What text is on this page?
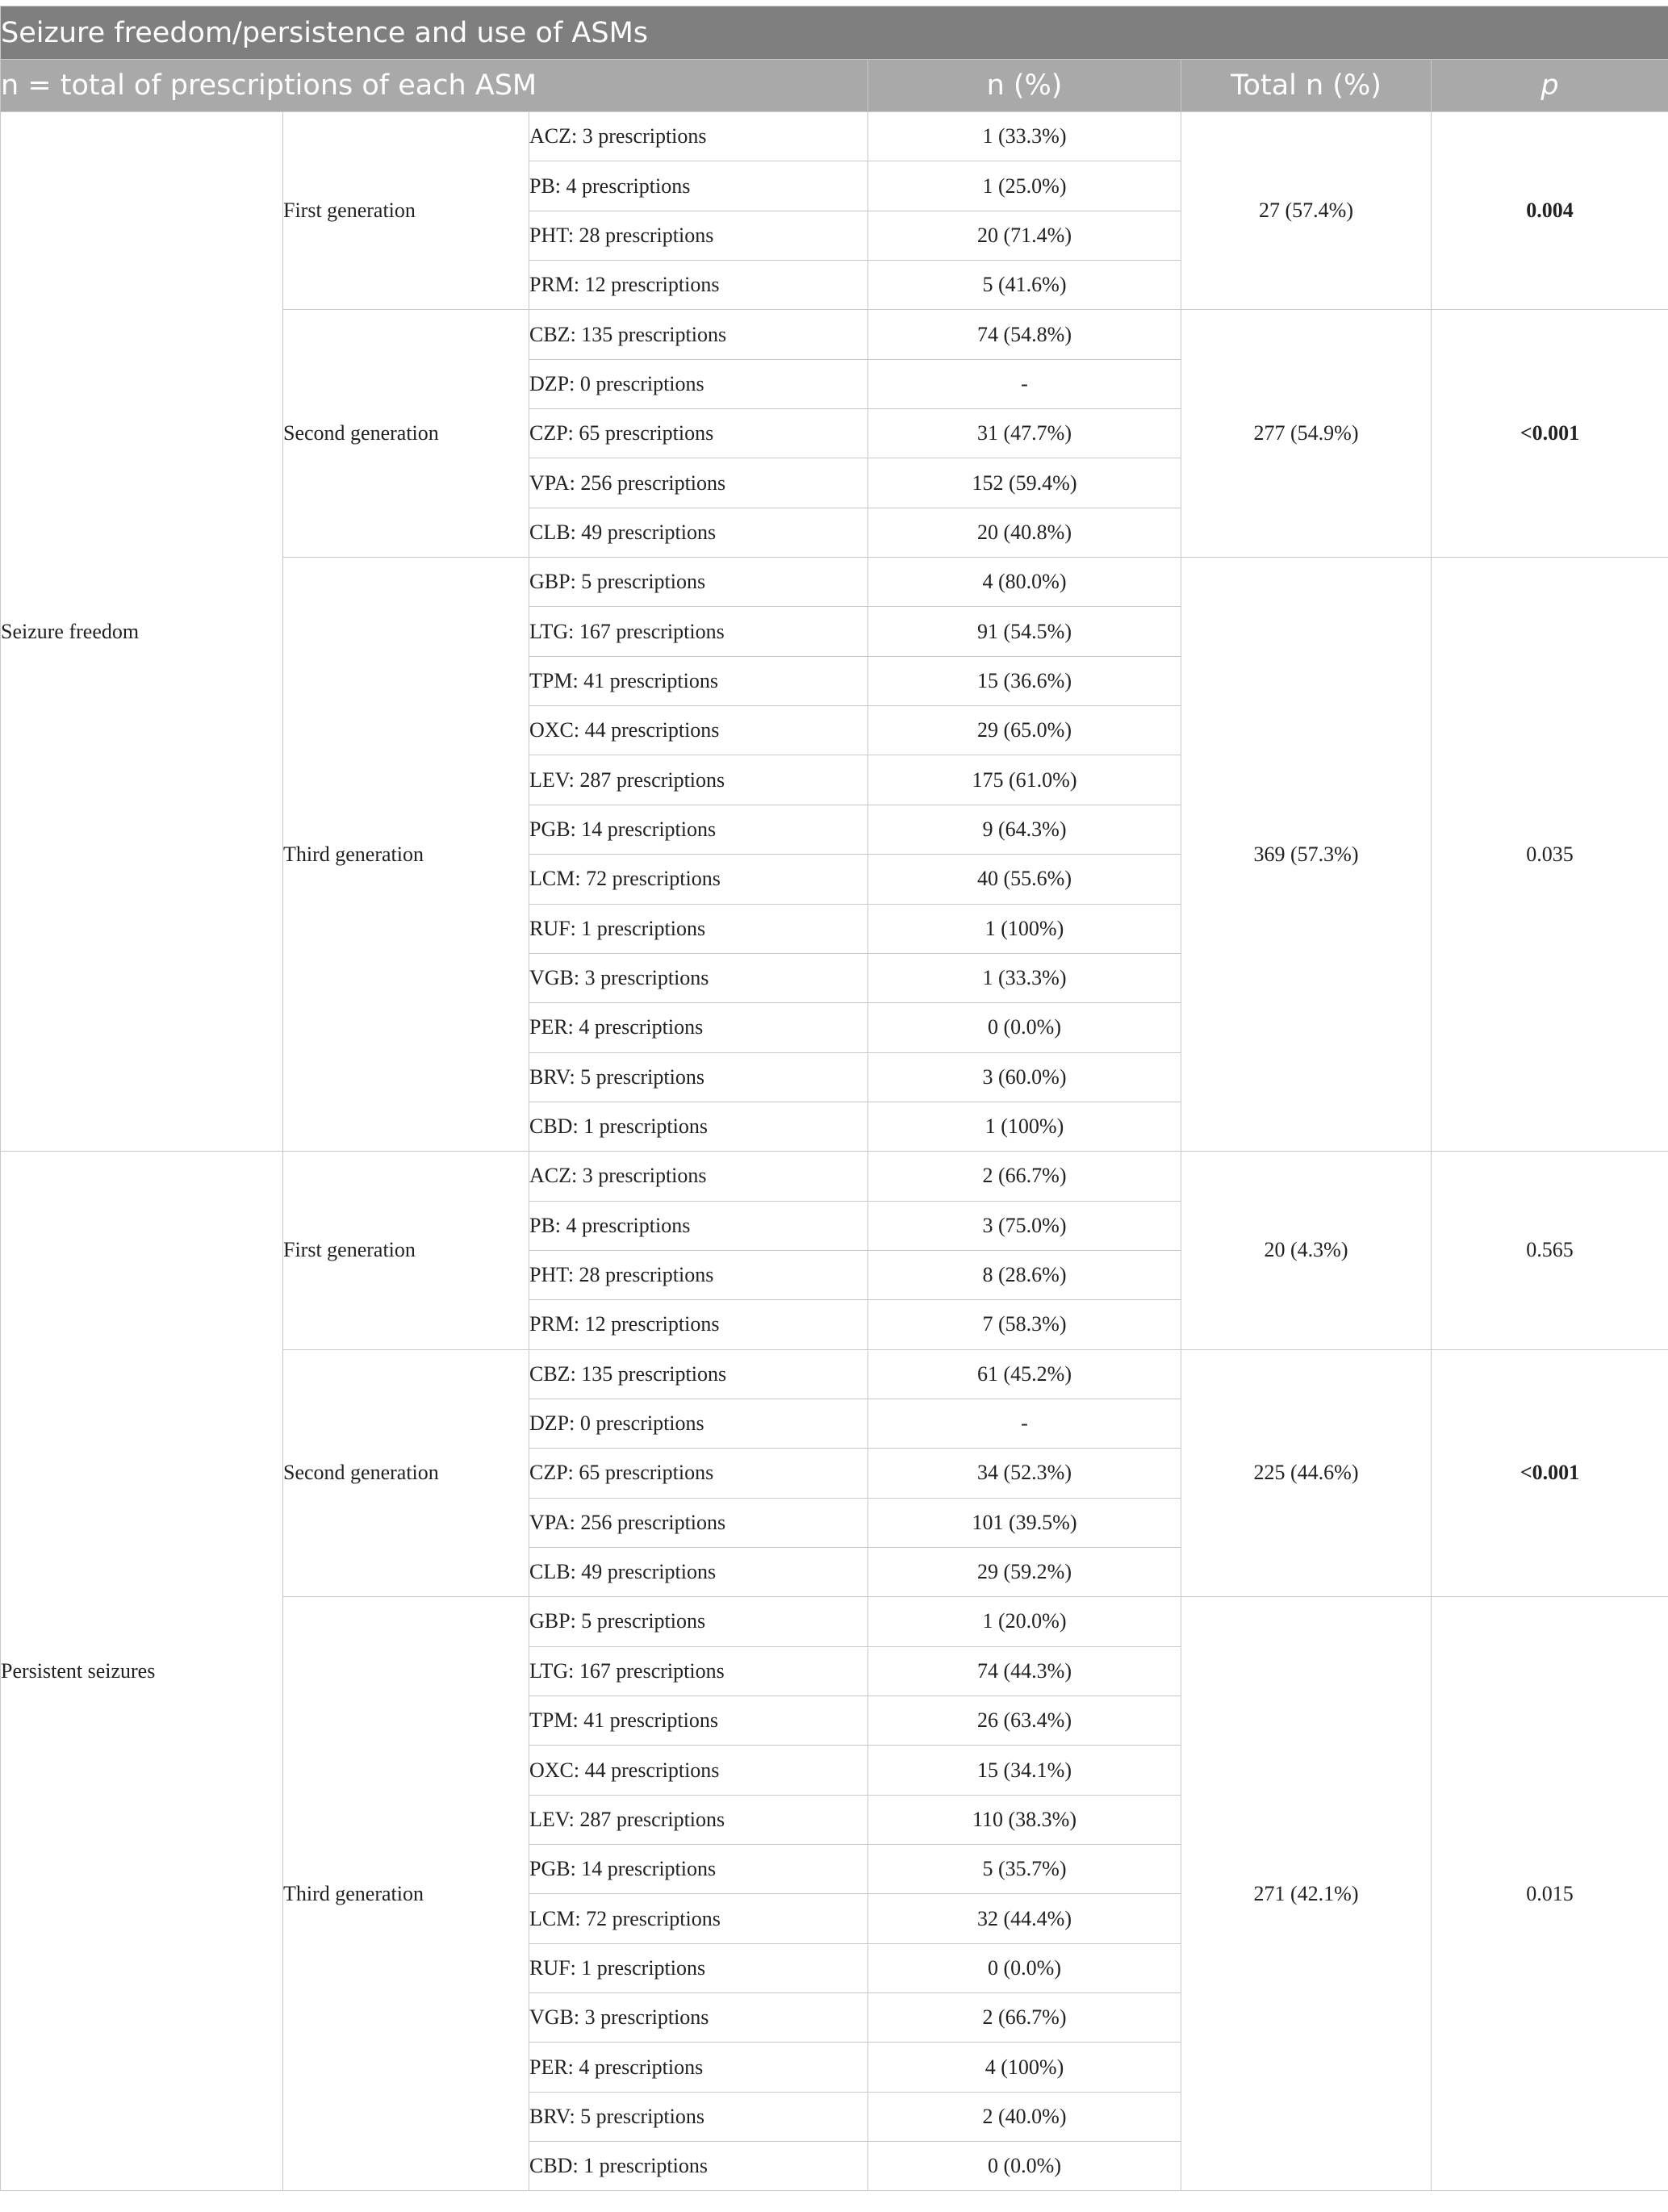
Seizure freedom/persistence and use of ASMs					
n = total of prescriptions of each ASM			n (%)	Total n (%)	p
Seizure freedom	First generation	ACZ: 3 prescriptions	1 (33.3%)	27 (57.4%)	0.004
		PB: 4 prescriptions	1 (25.0%)		
		PHT: 28 prescriptions	20 (71.4%)		
		PRM: 12 prescriptions	5 (41.6%)		
	Second generation	CBZ: 135 prescriptions	74 (54.8%)	277 (54.9%)	<0.001
		DZP: 0 prescriptions	-		
		CZP: 65 prescriptions	31 (47.7%)		
		VPA: 256 prescriptions	152 (59.4%)		
		CLB: 49 prescriptions	20 (40.8%)		
	Third generation	GBP: 5 prescriptions	4 (80.0%)	369 (57.3%)	0.035
		LTG: 167 prescriptions	91 (54.5%)		
		TPM: 41 prescriptions	15 (36.6%)		
		OXC: 44 prescriptions	29 (65.0%)		
		LEV: 287 prescriptions	175 (61.0%)		
		PGB: 14 prescriptions	9 (64.3%)		
		LCM: 72 prescriptions	40 (55.6%)		
		RUF: 1 prescriptions	1 (100%)		
		VGB: 3 prescriptions	1 (33.3%)		
		PER: 4 prescriptions	0 (0.0%)		
		BRV: 5 prescriptions	3 (60.0%)		
		CBD: 1 prescriptions	1 (100%)		
Persistent seizures	First generation	ACZ: 3 prescriptions	2 (66.7%)	20 (4.3%)	0.565
		PB: 4 prescriptions	3 (75.0%)		
		PHT: 28 prescriptions	8 (28.6%)		
		PRM: 12 prescriptions	7 (58.3%)		
	Second generation	CBZ: 135 prescriptions	61 (45.2%)	225 (44.6%)	<0.001
		DZP: 0 prescriptions	-		
		CZP: 65 prescriptions	34 (52.3%)		
		VPA: 256 prescriptions	101 (39.5%)		
		CLB: 49 prescriptions	29 (59.2%)		
	Third generation	GBP: 5 prescriptions	1 (20.0%)	271 (42.1%)	0.015
		LTG: 167 prescriptions	74 (44.3%)		
		TPM: 41 prescriptions	26 (63.4%)		
		OXC: 44 prescriptions	15 (34.1%)		
		LEV: 287 prescriptions	110 (38.3%)		
		PGB: 14 prescriptions	5 (35.7%)		
		LCM: 72 prescriptions	32 (44.4%)		
		RUF: 1 prescriptions	0 (0.0%)		
		VGB: 3 prescriptions	2 (66.7%)		
		PER: 4 prescriptions	4 (100%)		
		BRV: 5 prescriptions	2 (40.0%)		
		CBD: 1 prescriptions	0 (0.0%)		
